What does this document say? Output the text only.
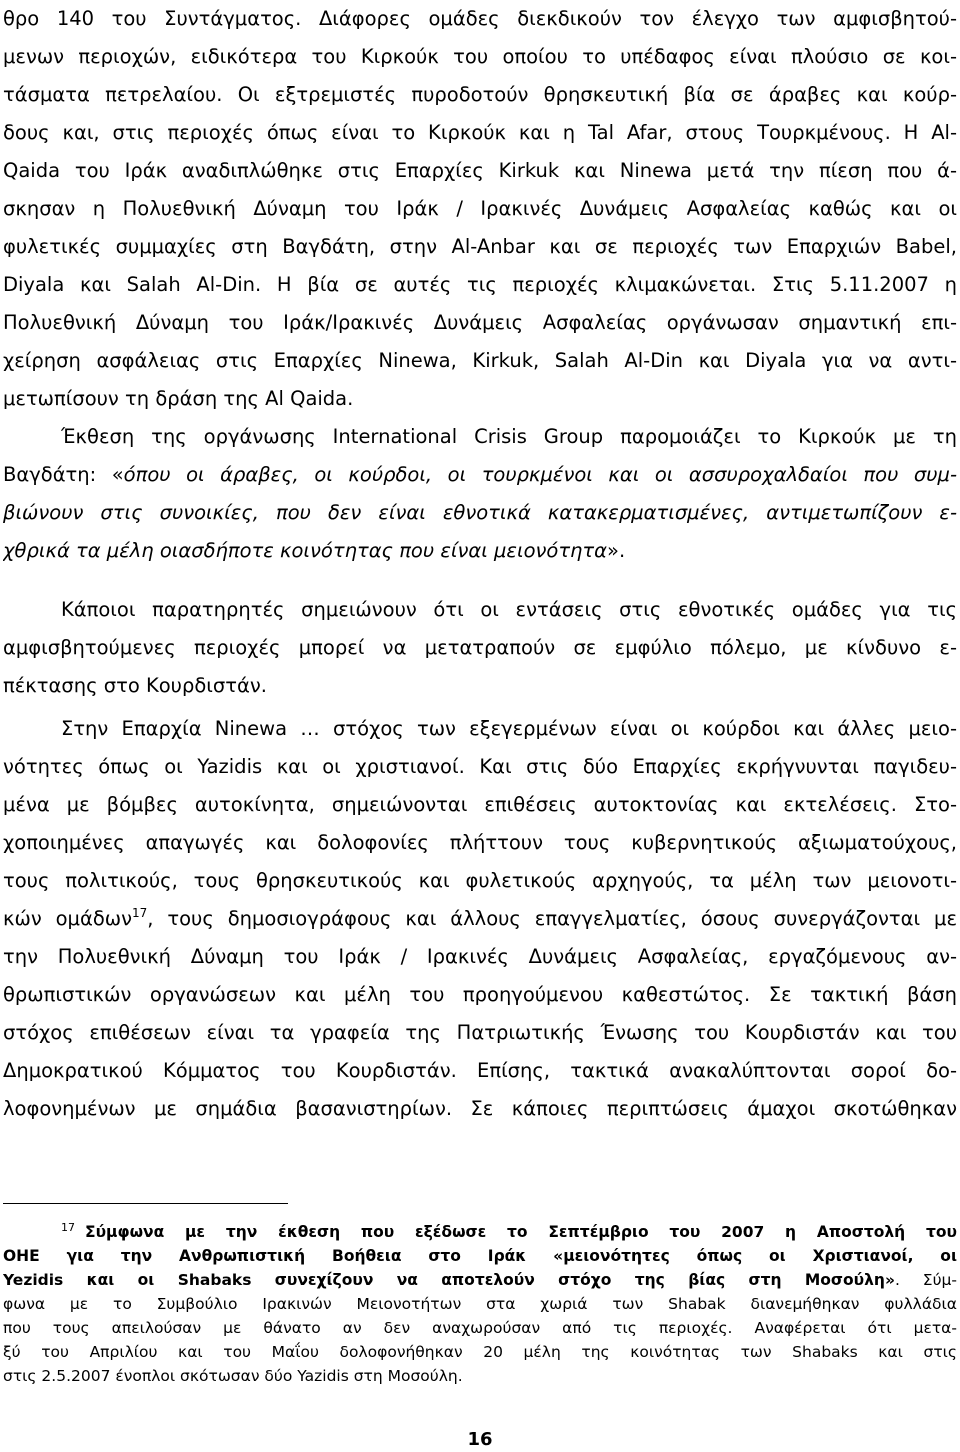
θρο 140 του Συντάγματος. Διάφορες ομάδες διεκδικούν τον έλεγχο των αμφισβητού-
μενων περιοχών, ειδικότερα του Κιρκούκ του οποίου το υπέδαφος είναι πλούσιο σε κοι-
τάσματα πετρελαίου. Οι εξτρεμιστές πυροδοτούν θρησκευτική βία σε άραβες και κούρ-
δους και, στις περιοχές όπως είναι το Κιρκούκ και η Tal Afar, στους Τουρκμένους. Η Al-
Qaida του Ιράκ αναδιπλώθηκε στις Επαρχίες Kirkuk και Ninewa μετά την πίεση που ά-
σκησαν η Πολυεθνική Δύναμη του Ιράκ / Ιρακινές Δυνάμεις Ασφαλείας καθώς και οι
φυλετικές συμμαχίες στη Βαγδάτη, στην Al-Anbar και σε περιοχές των Επαρχιών Babel,
Diyala και Salah Al-Din. Η βία σε αυτές τις περιοχές κλιμακώνεται. Στις 5.11.2007 η
Πολυεθνική Δύναμη του Ιράκ/Ιρακινές Δυνάμεις Ασφαλείας οργάνωσαν σημαντική επι-
χείρηση ασφάλειας στις Επαρχίες Ninewa, Kirkuk, Salah Al-Din και Diyala για να αντι-
μετωπίσουν τη δράση της Al Qaida.
Έκθεση της οργάνωσης International Crisis Group παρομοιάζει το Κιρκούκ με τη
Βαγδάτη: «όπου οι άραβες, οι κούρδοι, οι τουρκμένοι και οι ασσυροχαλδαίοι που συμ-
βιώνουν στις συνοικίες, που δεν είναι εθνοτικά κατακερματισμένες, αντιμετωπίζουν ε-
χθρικά τα μέλη οιασδήποτε κοινότητας που είναι μειονότητα».
Κάποιοι παρατηρητές σημειώνουν ότι οι εντάσεις στις εθνοτικές ομάδες για τις
αμφισβητούμενες περιοχές μπορεί να μετατραπούν σε εμφύλιο πόλεμο, με κίνδυνο ε-
πέκτασης στο Κουρδιστάν.
Στην Επαρχία Ninewa … στόχος των εξεγερμένων είναι οι κούρδοι και άλλες μειο-
νότητες όπως οι Yazidis και οι χριστιανοί. Και στις δύο Επαρχίες εκρήγνυνται παγιδευ-
μένα με βόμβες αυτοκίνητα, σημειώνονται επιθέσεις αυτοκτονίας και εκτελέσεις. Στο-
χοποιημένες απαγωγές και δολοφονίες πλήττουν τους κυβερνητικούς αξιωματούχους,
τους πολιτικούς, τους θρησκευτικούς και φυλετικούς αρχηγούς, τα μέλη των μειονοτι-
κών ομάδων$^{17}$, τους δημοσιογράφους και άλλους επαγγελματίες, όσους συνεργάζονται με
την Πολυεθνική Δύναμη του Ιράκ / Ιρακινές Δυνάμεις Ασφαλείας, εργαζόμενους αν-
θρωπιστικών οργανώσεων και μέλη του προηγούμενου καθεστώτος. Σε τακτική βάση
στόχος επιθέσεων είναι τα γραφεία της Πατριωτικής Ένωσης του Κουρδιστάν και του
Δημοκρατικού Κόμματος του Κουρδιστάν. Επίσης, τακτικά ανακαλύπτονται σοροί δο-
λοφονημένων με σημάδια βασανιστηρίων. Σε κάποιες περιπτώσεις άμαχοι σκοτώθηκαν
$^{17}$ Σύμφωνα με την έκθεση που εξέδωσε το Σεπτέμβριο του 2007 η Αποστολή του
ΟΗΕ για την Ανθρωπιστική Βοήθεια στο Ιράκ «μειονότητες όπως οι Χριστιανοί, οι
Yezidis και οι Shabaks συνεχίζουν να αποτελούν στόχο της βίας στη Μοσούλη». Σύμ-
φωνα με το Συμβούλιο Ιρακινών Μειονοτήτων στα χωριά των Shabak διανεμήθηκαν φυλλάδια
που τους απειλούσαν με θάνατο αν δεν αναχωρούσαν από τις περιοχές. Αναφέρεται ότι μετα-
ξύ του Απριλίου και του Μαΐου δολοφονήθηκαν 20 μέλη της κοινότητας των Shabaks και στις
στις 2.5.2007 ένοπλοι σκότωσαν δύο Yazidis στη Μοσούλη.
16
